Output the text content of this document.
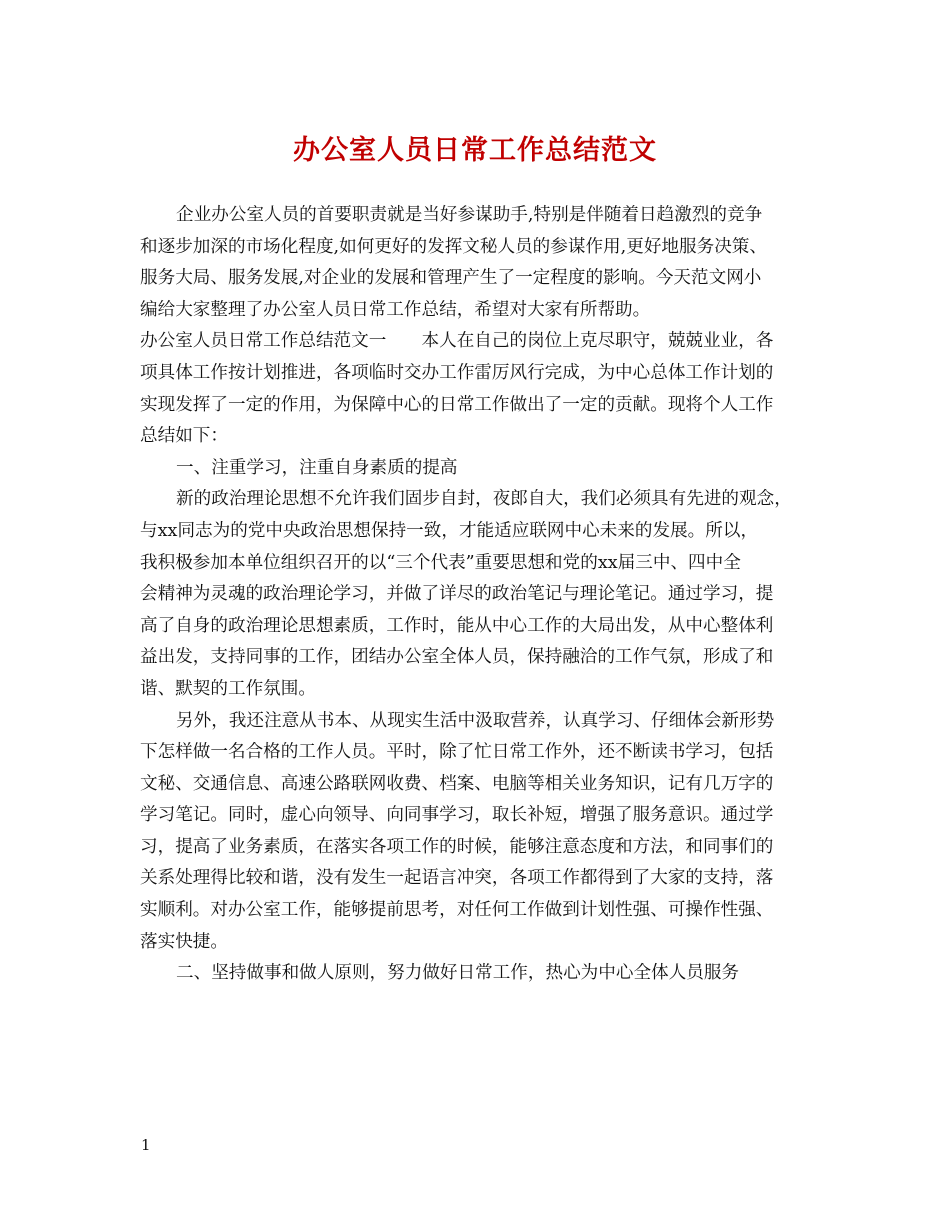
办公室人员日常工作总结范文
企业办公室人员的首要职责就是当好参谋助手,特别是伴随着日趋激烈的竞争
和逐步加深的市场化程度,如何更好的发挥文秘人员的参谋作用,更好地服务决策、
服务大局、服务发展,对企业的发展和管理产生了一定程度的影响。今天范文网小
编给大家整理了办公室人员日常工作总结，希望对大家有所帮助。
办公室人员日常工作总结范文一　　本人在自己的岗位上克尽职守，兢兢业业，各
项具体工作按计划推进，各项临时交办工作雷厉风行完成，为中心总体工作计划的
实现发挥了一定的作用，为保障中心的日常工作做出了一定的贡献。现将个人工作
总结如下：
一、注重学习，注重自身素质的提高
新的政治理论思想不允许我们固步自封，夜郎自大，我们必须具有先进的观念，
与xx同志为的党中央政治思想保持一致，才能适应联网中心未来的发展。所以，
我积极参加本单位组织召开的以“三个代表”重要思想和党的xx届三中、四中全
会精神为灵魂的政治理论学习，并做了详尽的政治笔记与理论笔记。通过学习，提
高了自身的政治理论思想素质，工作时，能从中心工作的大局出发，从中心整体利
益出发，支持同事的工作，团结办公室全体人员，保持融洽的工作气氛，形成了和
谐、默契的工作氛围。
另外，我还注意从书本、从现实生活中汲取营养，认真学习、仔细体会新形势
下怎样做一名合格的工作人员。平时，除了忙日常工作外，还不断读书学习，包括
文秘、交通信息、高速公路联网收费、档案、电脑等相关业务知识，记有几万字的
学习笔记。同时，虚心向领导、向同事学习，取长补短，增强了服务意识。通过学
习，提高了业务素质，在落实各项工作的时候，能够注意态度和方法，和同事们的
关系处理得比较和谐，没有发生一起语言冲突，各项工作都得到了大家的支持，落
实顺利。对办公室工作，能够提前思考，对任何工作做到计划性强、可操作性强、
落实快捷。
二、坚持做事和做人原则，努力做好日常工作，热心为中心全体人员服务
1
